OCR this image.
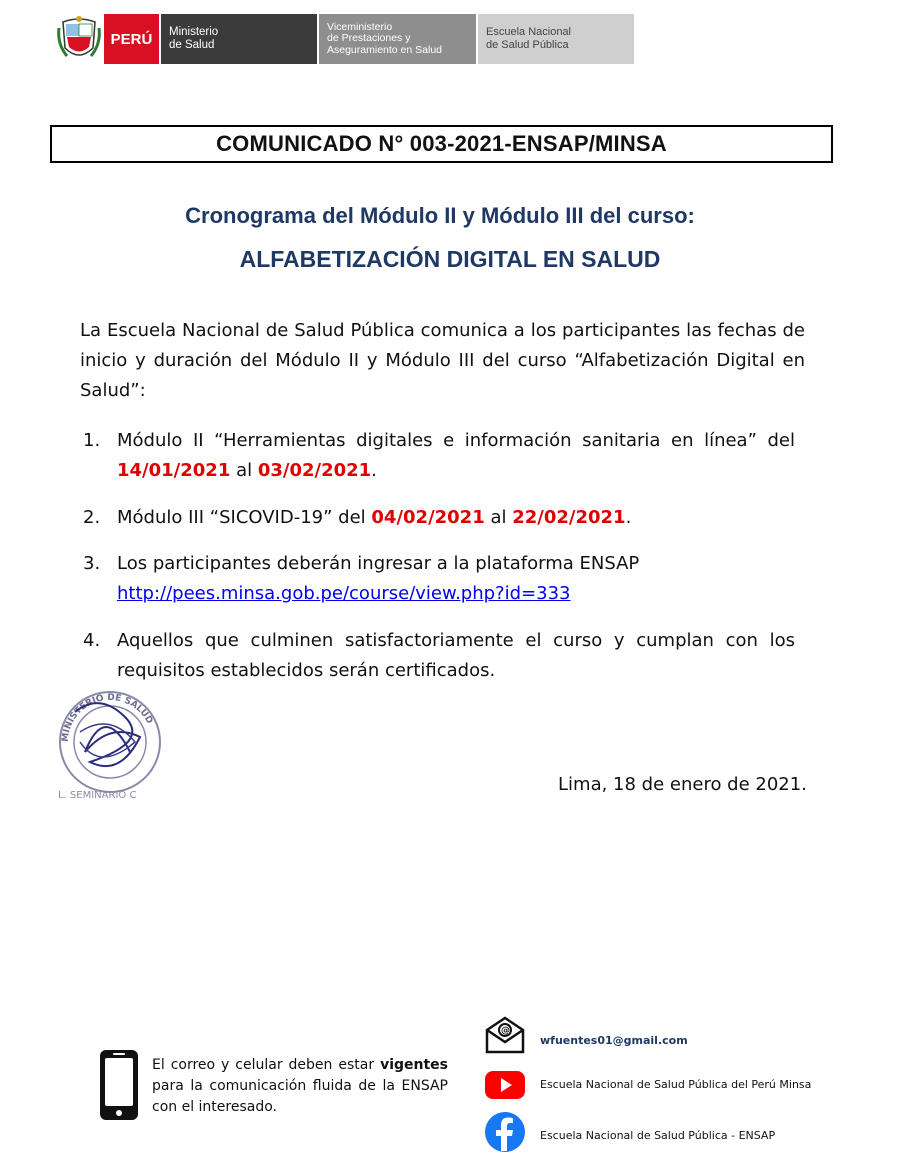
PERÚ Ministerio
de Salud
Viceministerio
de Prestaciones y
Aseguramiento en Salud
Escuela Nacional
de Salud Pública
COMUNICADO N° 003-2021-ENSAP/MINSA
Cronograma del Módulo II y Módulo III del curso:
ALFABETIZACIÓN DIGITAL EN SALUD
La Escuela Nacional de Salud Pública comunica a los participantes las fechas de inicio y duración del Módulo II y Módulo III del curso “Alfabetización Digital en Salud”:
1. Módulo II “Herramientas digitales e información sanitaria en línea” del 14/01/2021 al 03/02/2021.
2. Módulo III “SICOVID-19” del 04/02/2021 al 22/02/2021.
3. Los participantes deberán ingresar a la plataforma ENSAP
http://pees.minsa.gob.pe/course/view.php?id=333
4. Aquellos que culminen satisfactoriamente el curso y cumplan con los requisitos establecidos serán certificados.
MINISTERIO DE SALUD
L. SEMINARIO C
Lima, 18 de enero de 2021.
El correo y celular deben estar vigentes para la comunicación fluida de la ENSAP con el interesado.
@
wfuentes01@gmail.com
Escuela Nacional de Salud Pública del Perú Minsa
Escuela Nacional de Salud Pública - ENSAP
